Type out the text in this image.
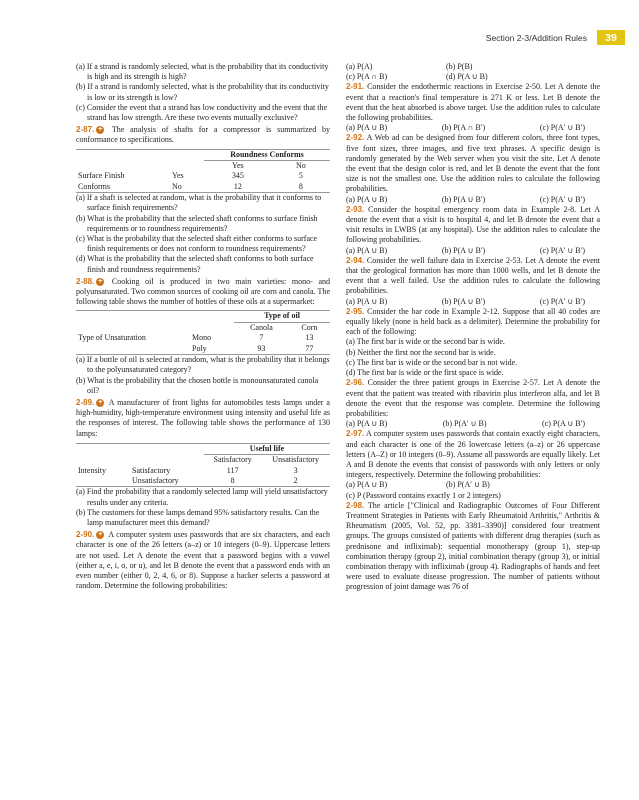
Section 2-3/Addition Rules	39

(a) If a strand is randomly selected, what is the probability that its conductivity is high and its strength is high?

(b) If a strand is randomly selected, what is the probability that its conductivity is low or its strength is low?

(c) Consider the event that a strand has low conductivity and the event that the strand has low strength. Are these two events mutually exclusive?

2-87. + The analysis of shafts for a compressor is summarized by conformance to specifications.

		Roundness Conforms	
		Yes	No
Surface Finish	Yes	345	5
Conforms	No	12	8

(a) If a shaft is selected at random, what is the probability that it conforms to surface finish requirements?

(b) What is the probability that the selected shaft conforms to surface finish requirements or to roundness requirements?

(c) What is the probability that the selected shaft either conforms to surface finish requirements or does not conform to roundness requirements?

(d) What is the probability that the selected shaft conforms to both surface finish and roundness requirements?

2-88. + Cooking oil is produced in two main varieties: mono- and polyunsaturated. Two common sources of cooking oil are corn and canola. The following table shows the number of bottles of these oils at a supermarket:

		Type of oil	
		Canola	Corn
Type of Unsaturation	Mono	7	13
	Poly	93	77

(a) If a bottle of oil is selected at random, what is the probability that it belongs to the polyunsaturated category?

(b) What is the probability that the chosen bottle is monounsaturated canola oil?

2-89. + A manufacturer of front lights for automobiles tests lamps under a high-humidity, high-temperature environment using intensity and useful life as the responses of interest. The following table shows the performance of 130 lamps:

		Useful life	
		Satisfactory	Unsatisfactory
Intensity	Satisfactory	117	3
	Unsatisfactory	8	2

(a) Find the probability that a randomly selected lamp will yield unsatisfactory results under any criteria.

(b) The customers for these lamps demand 95% satisfactory results. Can the lamp manufacturer meet this demand?

2-90. + A computer system uses passwords that are six characters, and each character is one of the 26 letters (a–z) or 10 integers (0–9). Uppercase letters are not used. Let A denote the event that a password begins with a vowel (either a, e, i, o, or u), and let B denote the event that a password ends with an even number (either 0, 2, 4, 6, or 8). Suppose a hacker selects a password at random. Determine the following probabilities:

(a) P(A)	(b) P(B)
(c) P(A ∩ B)	(d) P(A ∪ B)

2-91. Consider the endothermic reactions in Exercise 2-50. Let A denote the event that a reaction's final temperature is 271 K or less. Let B denote the event that the heat absorbed is above target. Use the addition rules to calculate the following probabilities.

(a) P(A ∪ B)	(b) P(A ∩ B′)	(c) P(A′ ∪ B′)

2-92. A Web ad can be designed from four different colors, three font types, five font sizes, three images, and five text phrases. A specific design is randomly generated by the Web server when you visit the site. Let A denote the event that the design color is red, and let B denote the event that the font size is not the smallest one. Use the addition rules to calculate the following probabilities.

(a) P(A ∪ B)	(b) P(A ∪ B′)	(c) P(A′ ∪ B′)

2-93. Consider the hospital emergency room data in Example 2-8. Let A denote the event that a visit is to hospital 4, and let B denote the event that a visit results in LWBS (at any hospital). Use the addition rules to calculate the following probabilities.

(a) P(A ∪ B)	(b) P(A ∪ B′)	(c) P(A′ ∪ B′)

2-94. Consider the well failure data in Exercise 2-53. Let A denote the event that the geological formation has more than 1000 wells, and let B denote the event that a well failed. Use the addition rules to calculate the following probabilities.

(a) P(A ∪ B)	(b) P(A ∪ B′)	(c) P(A′ ∪ B′)

2-95. Consider the bar code in Example 2-12. Suppose that all 40 codes are equally likely (none is held back as a delimiter). Determine the probability for each of the following:

(a) The first bar is wide or the second bar is wide.

(b) Neither the first nor the second bar is wide.

(c) The first bar is wide or the second bar is not wide.

(d) The first bar is wide or the first space is wide.

2-96. Consider the three patient groups in Exercise 2-57. Let A denote the event that the patient was treated with ribavirin plus interferon alfa, and let B denote the event that the response was complete. Determine the following probabilities:

(a) P(A ∪ B)	(b) P(A′ ∪ B)	(c) P(A ∪ B′)

2-97. A computer system uses passwords that contain exactly eight characters, and each character is one of the 26 lowercase letters (a–z) or 26 uppercase letters (A–Z) or 10 integers (0–9). Assume all passwords are equally likely. Let A and B denote the events that consist of passwords with only letters or only integers, respectively. Determine the following probabilities:

(a) P(A ∪ B)	(b) P(A′ ∪ B)

(c) P (Password contains exactly 1 or 2 integers)

2-98. The article ["Clinical and Radiographic Outcomes of Four Different Treatment Strategies in Patients with Early Rheumatoid Arthritis," Arthritis & Rheumatism (2005, Vol. 52, pp. 3381–3390)] considered four treatment groups. The groups consisted of patients with different drug therapies (such as prednisone and infliximab): sequential monotherapy (group 1), step-up combination therapy (group 2), initial combination therapy (group 3), or initial combination therapy with infliximab (group 4). Radiographs of hands and feet were used to evaluate disease progression. The number of patients without progression of joint damage was 76 of
